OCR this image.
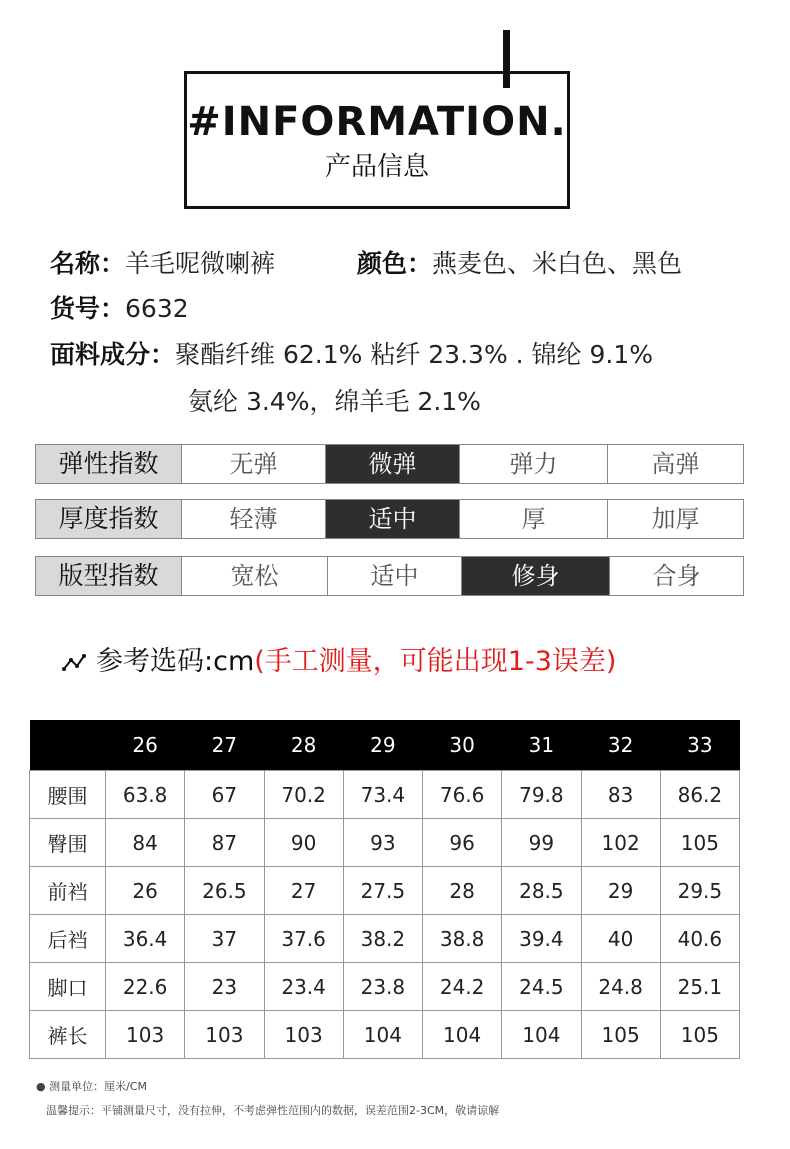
#INFORMATION.
产品信息
名称：羊毛呢微喇裤	颜色：燕麦色、米白色、黑色
货号：6632
面料成分：聚酯纤维 62.1% 粘纤 23.3% . 锦纶 9.1%
氨纶 3.4%，绵羊毛 2.1%
弹性指数	无弹	微弹	弹力	高弹
厚度指数	轻薄	适中	厚	加厚
版型指数	宽松	适中	修身	合身
参考选码:cm(手工测量，可能出现1-3误差)
	26	27	28	29	30	31	32	33
腰围	63.8	67	70.2	73.4	76.6	79.8	83	86.2
臀围	84	87	90	93	96	99	102	105
前裆	26	26.5	27	27.5	28	28.5	29	29.5
后裆	36.4	37	37.6	38.2	38.8	39.4	40	40.6
脚口	22.6	23	23.4	23.8	24.2	24.5	24.8	25.1
裤长	103	103	103	104	104	104	105	105
● 测量单位：厘米/CM
温馨提示：平铺测量尺寸，没有拉伸，不考虑弹性范围内的数据，误差范围2-3CM，敬请谅解
